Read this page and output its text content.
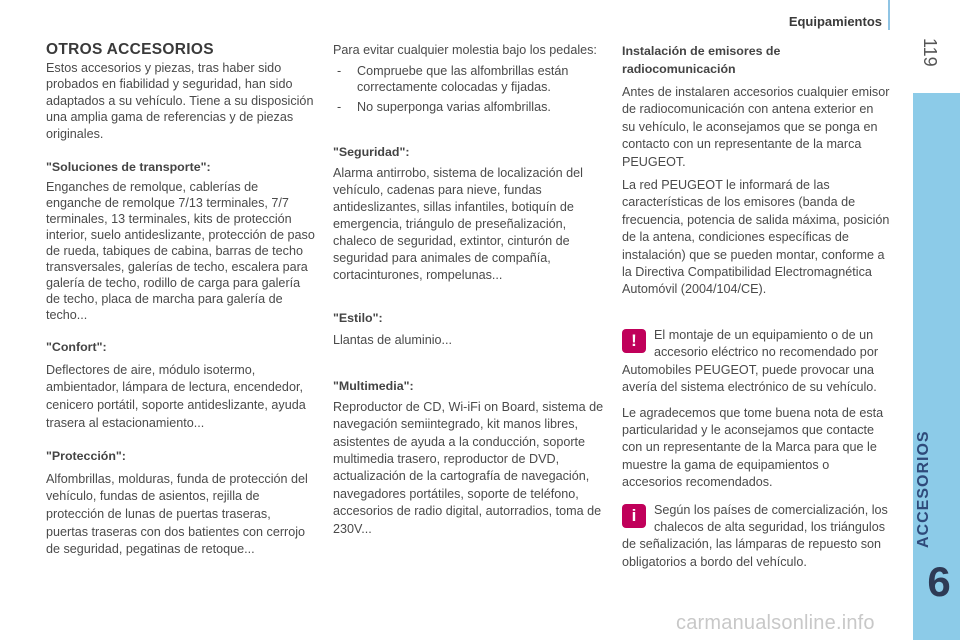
Equipamientos
119
ACCESORIOS
6
OTROS ACCESORIOS

Estos accesorios y piezas, tras haber sido probados en fiabilidad y seguridad, han sido adaptados a su vehículo. Tiene a su disposición una amplia gama de referencias y de piezas originales.

"Soluciones de transporte":

Enganches de remolque, cablerías de enganche de remolque 7/13 terminales, 7/7 terminales, 13 terminales, kits de protección interior, suelo antideslizante, protección de paso de rueda, tabiques de cabina, barras de techo transversales, galerías de techo, escalera para galería de techo, rodillo de carga para galería de techo, placa de marcha para galería de techo...

"Confort":

Deflectores de aire, módulo isotermo, ambientador, lámpara de lectura, encendedor, cenicero portátil, soporte antideslizante, ayuda trasera al estacionamiento...

"Protección":

Alfombrillas, molduras, funda de protección del vehículo, fundas de asientos, rejilla de protección de lunas de puertas traseras, puertas traseras con dos batientes con cerrojo de seguridad, pegatinas de retoque...

Para evitar cualquier molestia bajo los pedales:

- Compruebe que las alfombrillas están correctamente colocadas y fijadas.
- No superponga varias alfombrillas.
"Seguridad":

Alarma antirrobo, sistema de localización del vehículo, cadenas para nieve, fundas antideslizantes, sillas infantiles, botiquín de emergencia, triángulo de preseñalización, chaleco de seguridad, extintor, cinturón de seguridad para animales de compañía, cortacinturones, rompelunas...

"Estilo":

Llantas de aluminio...

"Multimedia":

Reproductor de CD, Wi-iFi on Board, sistema de navegación semiintegrado, kit manos libres, asistentes de ayuda a la conducción, soporte multimedia trasero, reproductor de DVD, actualización de la cartografía de navegación, navegadores portátiles, soporte de teléfono, accesorios de radio digital, autorradios, toma de 230V...

Instalación de emisores de radiocomunicación

Antes de instalaren accesorios cualquier emisor de radiocomunicación con antena exterior en su vehículo, le aconsejamos que se ponga en contacto con un representante de la marca PEUGEOT.

La red PEUGEOT le informará de las características de los emisores (banda de frecuencia, potencia de salida máxima, posición de la antena, condiciones específicas de instalación) que se pueden montar, conforme a la Directiva Compatibilidad Electromagnética Automóvil (2004/104/CE).

!	El montaje de un equipamiento o de un accesorio eléctrico no recomendado por Automobiles PEUGEOT, puede provocar una avería del sistema electrónico de su vehículo.

Le agradecemos que tome buena nota de esta particularidad y le aconsejamos que contacte con un representante de la Marca para que le muestre la gama de equipamientos o accesorios recomendados.

i	Según los países de comercialización, los chalecos de alta seguridad, los triángulos de señalización, las lámparas de repuesto son obligatorios a bordo del vehículo.

carmanualsonline.info
